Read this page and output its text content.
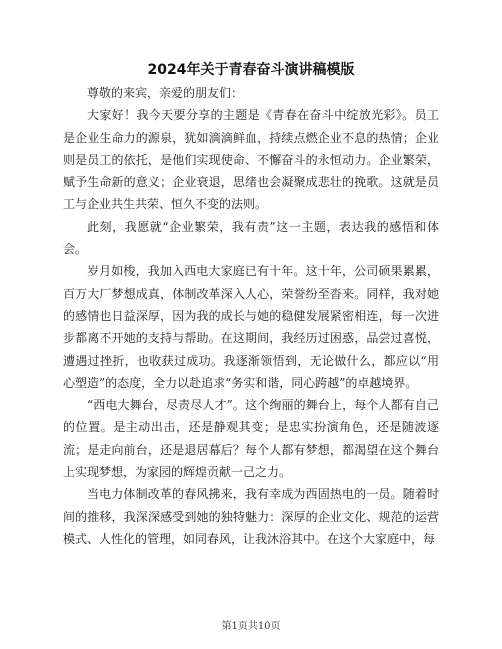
2024年关于青春奋斗演讲稿模版

尊敬的来宾，亲爱的朋友们：

大家好！我今天要分享的主题是《青春在奋斗中绽放光彩》。员工是企业生命力的源泉，犹如滴滴鲜血，持续点燃企业不息的热情；企业则是员工的依托，是他们实现使命、不懈奋斗的永恒动力。企业繁荣，赋予生命新的意义；企业衰退，思绪也会凝聚成悲壮的挽歌。这就是员工与企业共生共荣、恒久不变的法则。

此刻，我愿就“企业繁荣，我有责”这一主题，表达我的感悟和体会。

岁月如梭，我加入西电大家庭已有十年。这十年，公司硕果累累，百万大厂梦想成真，体制改革深入人心，荣誉纷至沓来。同样，我对她的感情也日益深厚，因为我的成长与她的稳健发展紧密相连，每一次进步都离不开她的支持与帮助。在这期间，我经历过困惑，品尝过喜悦，遭遇过挫折，也收获过成功。我逐渐领悟到，无论做什么，都应以“用心塑造”的态度，全力以赴追求“务实和谐，同心跨越”的卓越境界。

“西电大舞台，尽责尽人才”。这个绚丽的舞台上，每个人都有自己的位置。是主动出击，还是静观其变；是忠实扮演角色，还是随波逐流；是走向前台，还是退居幕后？每个人都有梦想，都渴望在这个舞台上实现梦想，为家园的辉煌贡献一己之力。

当电力体制改革的春风拂来，我有幸成为西固热电的一员。随着时间的推移，我深深感受到她的独特魅力：深厚的企业文化、规范的运营模式、人性化的管理，如同春风，让我沐浴其中。在这个大家庭中，每

第1页共10页
